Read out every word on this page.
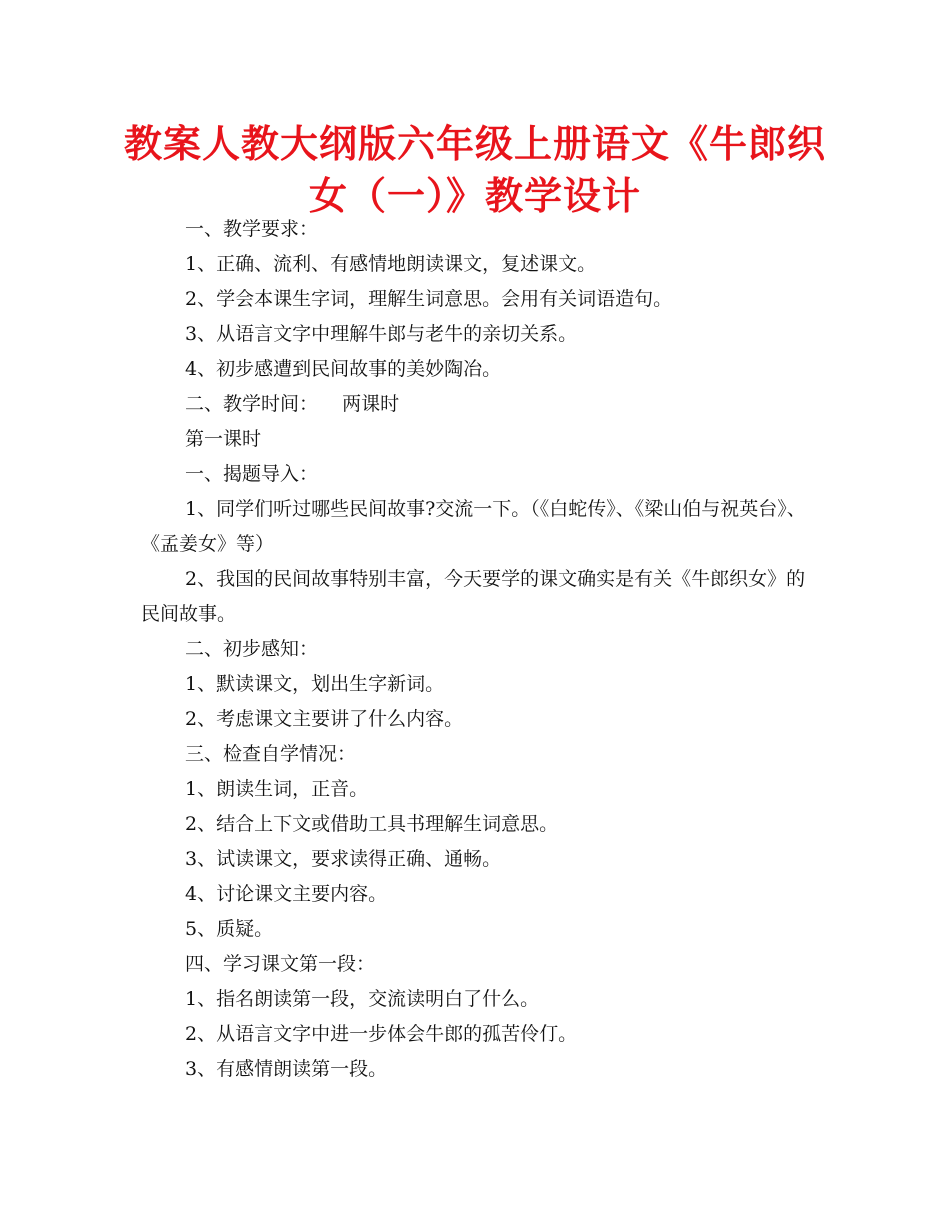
教案人教大纲版六年级上册语文《牛郎织女（一）》教学设计

一、教学要求：

1、正确、流利、有感情地朗读课文，复述课文。

2、学会本课生字词，理解生词意思。会用有关词语造句。

3、从语言文字中理解牛郎与老牛的亲切关系。

4、初步感遭到民间故事的美妙陶冶。

二、教学时间：    两课时

第一课时

一、揭题导入：

1、同学们听过哪些民间故事?交流一下。（《白蛇传》、《梁山伯与祝英台》、《孟姜女》等）

2、我国的民间故事特别丰富，今天要学的课文确实是有关《牛郎织女》的民间故事。

二、初步感知：

1、默读课文，划出生字新词。

2、考虑课文主要讲了什么内容。

三、检查自学情况：

1、朗读生词，正音。

2、结合上下文或借助工具书理解生词意思。

3、试读课文，要求读得正确、通畅。

4、讨论课文主要内容。

5、质疑。

四、学习课文第一段：

1、指名朗读第一段，交流读明白了什么。

2、从语言文字中进一步体会牛郎的孤苦伶仃。

3、有感情朗读第一段。
